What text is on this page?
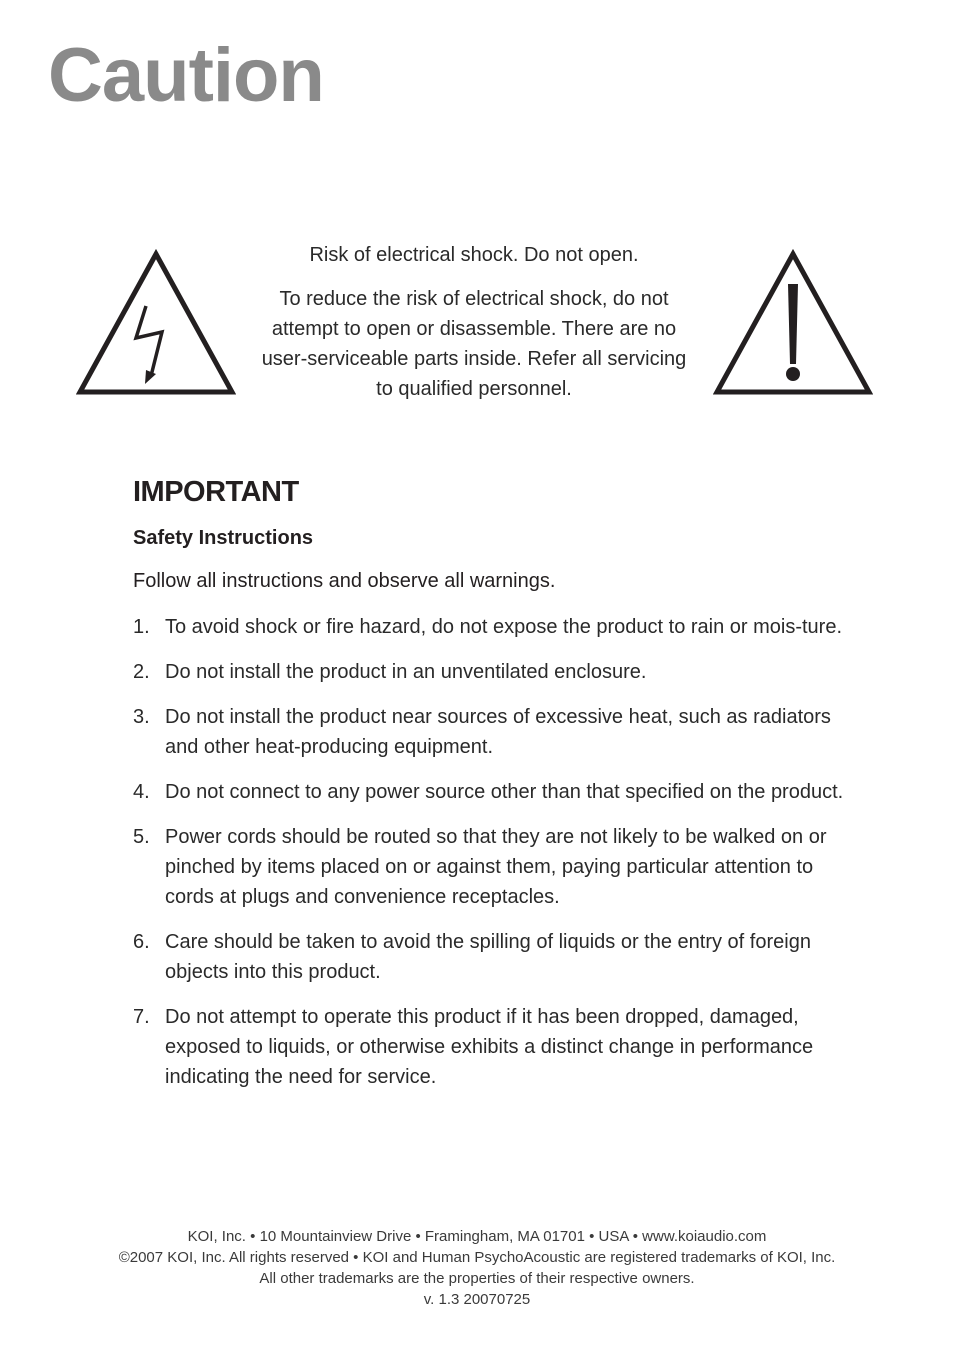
Caution

Risk of electrical shock. Do not open.

To reduce the risk of electrical shock, do not attempt to open or disassemble. There are no user-serviceable parts inside. Refer all servicing to qualified personnel.

IMPORTANT
Safety Instructions
Follow all instructions and observe all warnings.
1. To avoid shock or fire hazard, do not expose the product to rain or mois-ture.
2. Do not install the product in an unventilated enclosure.
3. Do not install the product near sources of excessive heat, such as radiators and other heat-producing equipment.
4. Do not connect to any power source other than that specified on the product.
5. Power cords should be routed so that they are not likely to be walked on or pinched by items placed on or against them, paying particular attention to cords at plugs and convenience receptacles.
6. Care should be taken to avoid the spilling of liquids or the entry of foreign objects into this product.
7. Do not attempt to operate this product if it has been dropped, damaged, exposed to liquids, or otherwise exhibits a distinct change in performance indicating the need for service.
KOI, Inc. • 10 Mountainview Drive • Framingham, MA 01701 • USA • www.koiaudio.com
©2007 KOI, Inc. All rights reserved • KOI and Human PsychoAcoustic are registered trademarks of KOI, Inc.
All other trademarks are the properties of their respective owners.
v. 1.3 20070725
